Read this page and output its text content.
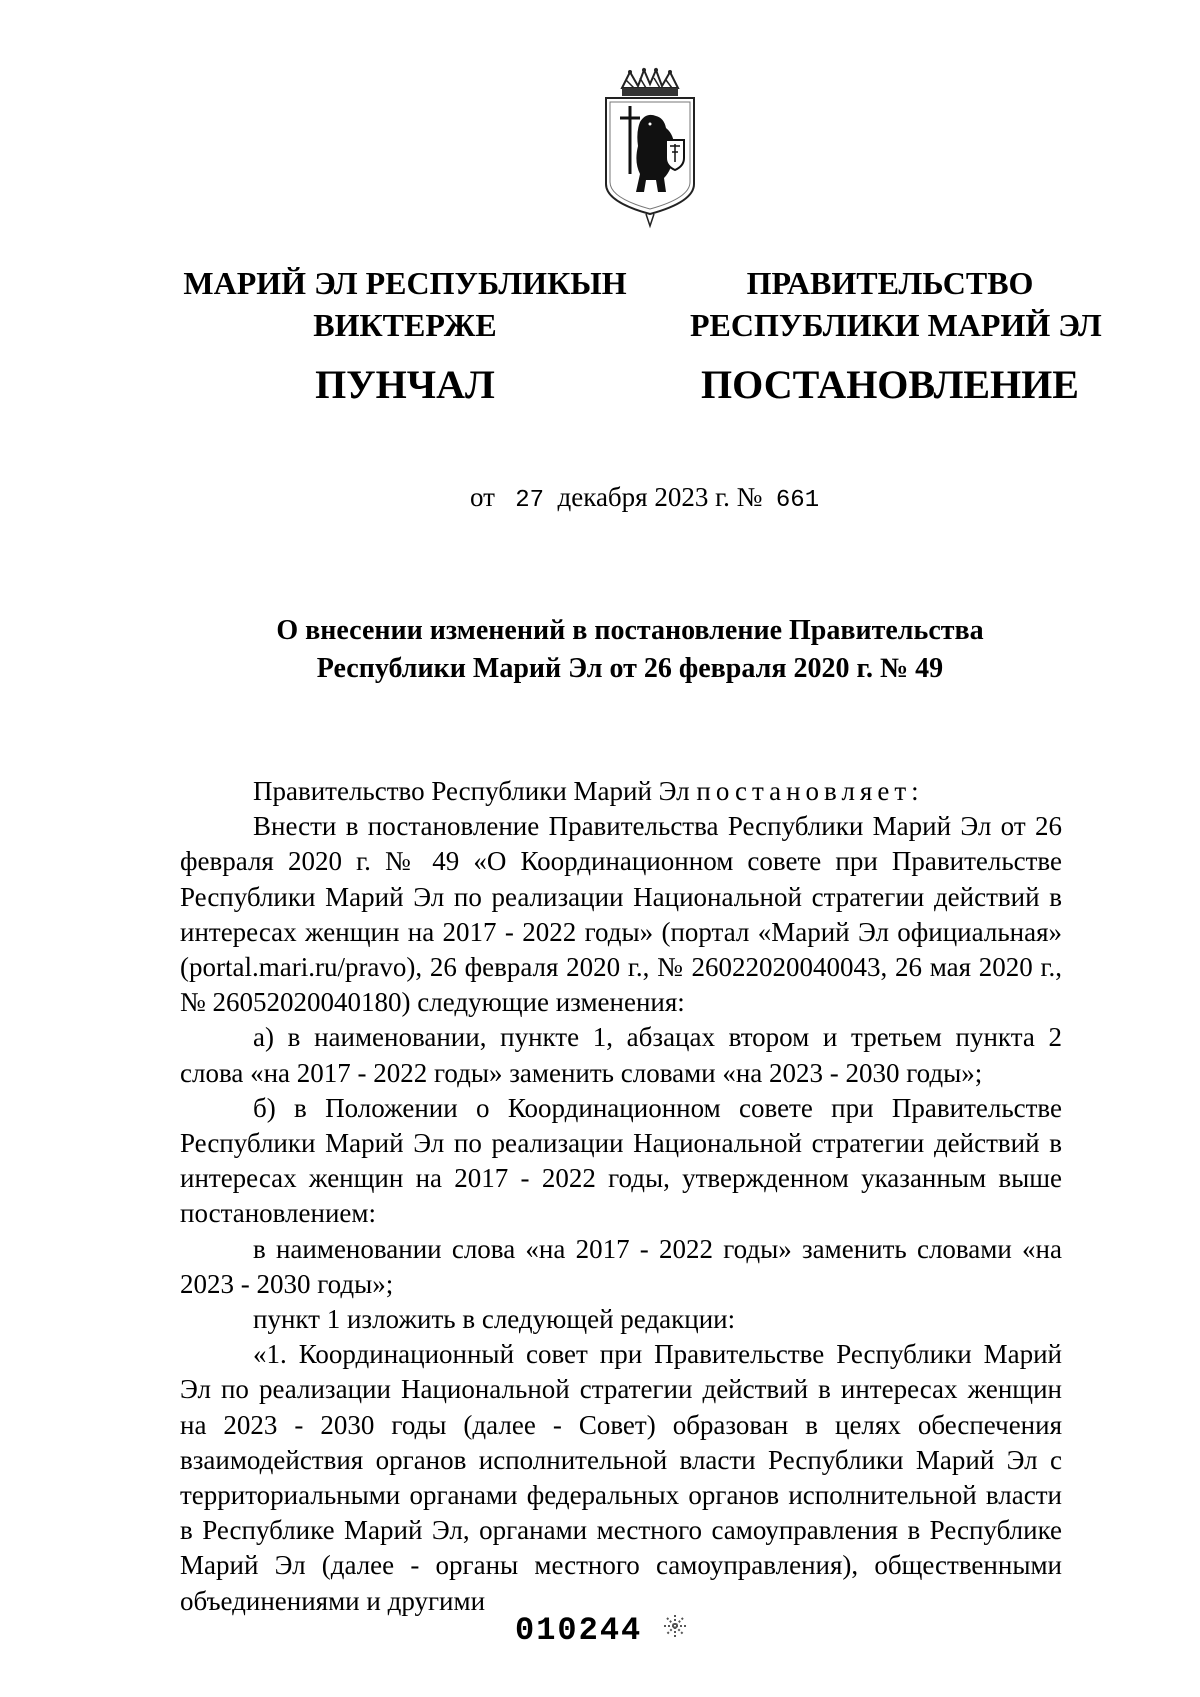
МАРИЙ ЭЛ РЕСПУБЛИКЫН
ВИКТЕРЖЕ
ПУНЧАЛ
ПРАВИТЕЛЬСТВО
РЕСПУБЛИКИ МАРИЙ ЭЛ
ПОСТАНОВЛЕНИЕ
от 27 декабря 2023 г. № 661
О внесении изменений в постановление Правительства
Республики Марий Эл от 26 февраля 2020 г. № 49

Правительство Республики Марий Эл постановляет:

Внести в постановление Правительства Республики Марий Эл от 26 февраля 2020 г. № 49 «О Координационном совете при Правительстве Республики Марий Эл по реализации Национальной стратегии действий в интересах женщин на 2017 - 2022 годы» (портал «Марий Эл официальная» (portal.mari.ru/pravo), 26 февраля 2020 г., № 26022020040043, 26 мая 2020 г., № 26052020040180) следующие изменения:

а) в наименовании, пункте 1, абзацах втором и третьем пункта 2 слова «на 2017 - 2022 годы» заменить словами «на 2023 - 2030 годы»;

б) в Положении о Координационном совете при Правительстве Республики Марий Эл по реализации Национальной стратегии действий в интересах женщин на 2017 - 2022 годы, утвержденном указанным выше постановлением:

в наименовании слова «на 2017 - 2022 годы» заменить словами «на 2023 - 2030 годы»;

пункт 1 изложить в следующей редакции:

«1. Координационный совет при Правительстве Республики Марий Эл по реализации Национальной стратегии действий в интересах женщин на 2023 - 2030 годы (далее - Совет) образован в целях обеспечения взаимодействия органов исполнительной власти Республики Марий Эл с территориальными органами федеральных органов исполнительной власти в Республике Марий Эл, органами местного самоуправления в Республике Марий Эл (далее - органы местного самоуправления), общественными объединениями и другими

010244
